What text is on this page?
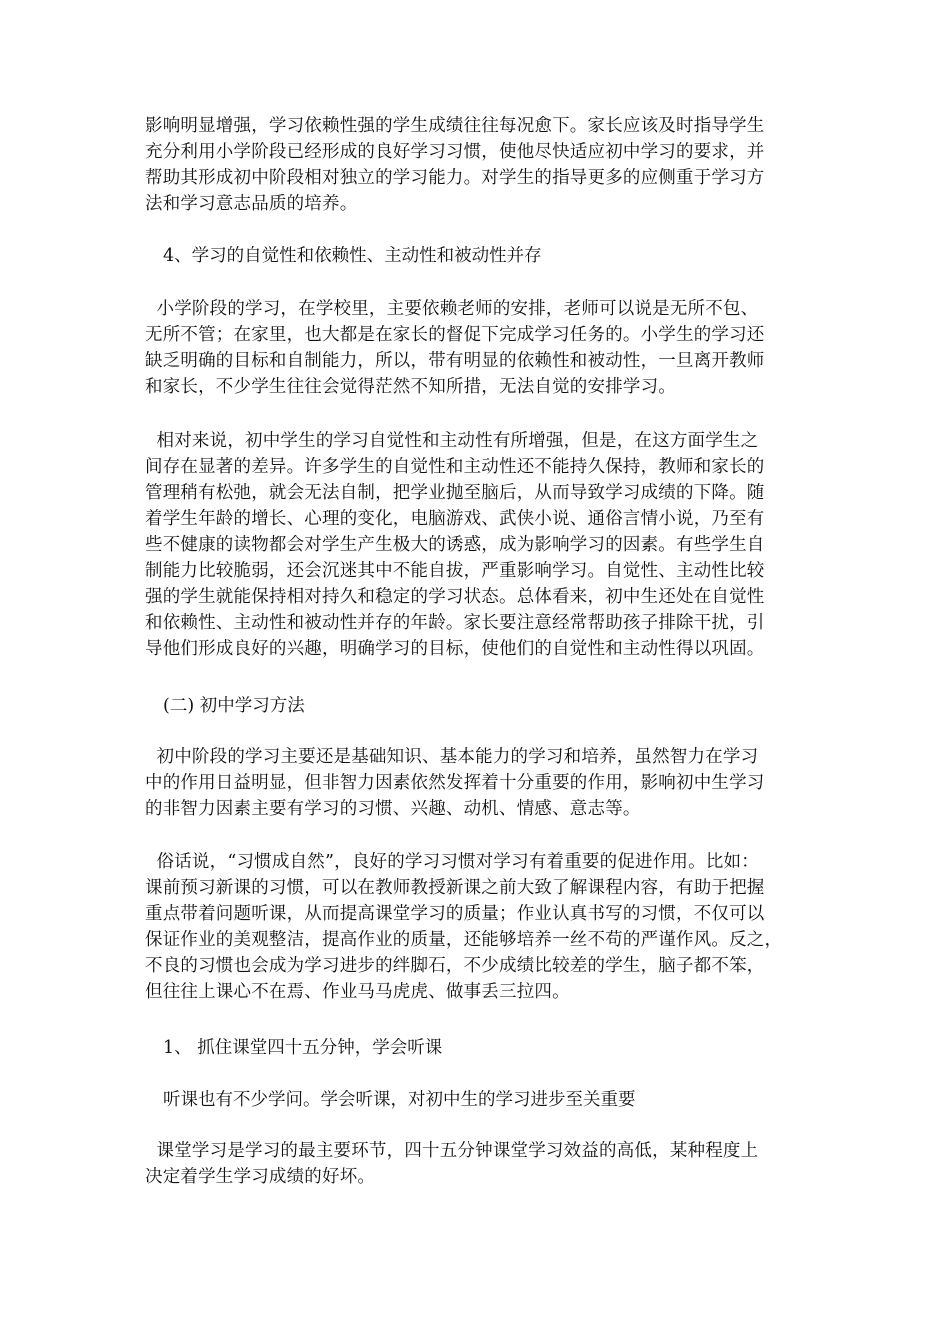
影响明显增强，学习依赖性强的学生成绩往往每况愈下。家长应该及时指导学生
充分利用小学阶段已经形成的良好学习习惯，使他尽快适应初中学习的要求，并
帮助其形成初中阶段相对独立的学习能力。对学生的指导更多的应侧重于学习方
法和学习意志品质的培养。

4、学习的自觉性和依赖性、主动性和被动性并存

小学阶段的学习，在学校里，主要依赖老师的安排，老师可以说是无所不包、
无所不管；在家里，也大都是在家长的督促下完成学习任务的。小学生的学习还
缺乏明确的目标和自制能力，所以，带有明显的依赖性和被动性，一旦离开教师
和家长，不少学生往往会觉得茫然不知所措，无法自觉的安排学习。

相对来说，初中学生的学习自觉性和主动性有所增强，但是，在这方面学生之
间存在显著的差异。许多学生的自觉性和主动性还不能持久保持，教师和家长的
管理稍有松弛，就会无法自制，把学业抛至脑后，从而导致学习成绩的下降。随
着学生年龄的增长、心理的变化，电脑游戏、武侠小说、通俗言情小说，乃至有
些不健康的读物都会对学生产生极大的诱惑，成为影响学习的因素。有些学生自
制能力比较脆弱，还会沉迷其中不能自拔，严重影响学习。自觉性、主动性比较
强的学生就能保持相对持久和稳定的学习状态。总体看来，初中生还处在自觉性
和依赖性、主动性和被动性并存的年龄。家长要注意经常帮助孩子排除干扰，引
导他们形成良好的兴趣，明确学习的目标，使他们的自觉性和主动性得以巩固。

(二) 初中学习方法

初中阶段的学习主要还是基础知识、基本能力的学习和培养，虽然智力在学习
中的作用日益明显，但非智力因素依然发挥着十分重要的作用，影响初中生学习
的非智力因素主要有学习的习惯、兴趣、动机、情感、意志等。

俗话说，“习惯成自然”，良好的学习习惯对学习有着重要的促进作用。比如：
课前预习新课的习惯，可以在教师教授新课之前大致了解课程内容，有助于把握
重点带着问题听课，从而提高课堂学习的质量；作业认真书写的习惯，不仅可以
保证作业的美观整洁，提高作业的质量，还能够培养一丝不苟的严谨作风。反之，
不良的习惯也会成为学习进步的绊脚石，不少成绩比较差的学生，脑子都不笨，
但往往上课心不在焉、作业马马虎虎、做事丢三拉四。

1、 抓住课堂四十五分钟，学会听课

听课也有不少学问。学会听课，对初中生的学习进步至关重要

课堂学习是学习的最主要环节，四十五分钟课堂学习效益的高低，某种程度上
决定着学生学习成绩的好坏。
